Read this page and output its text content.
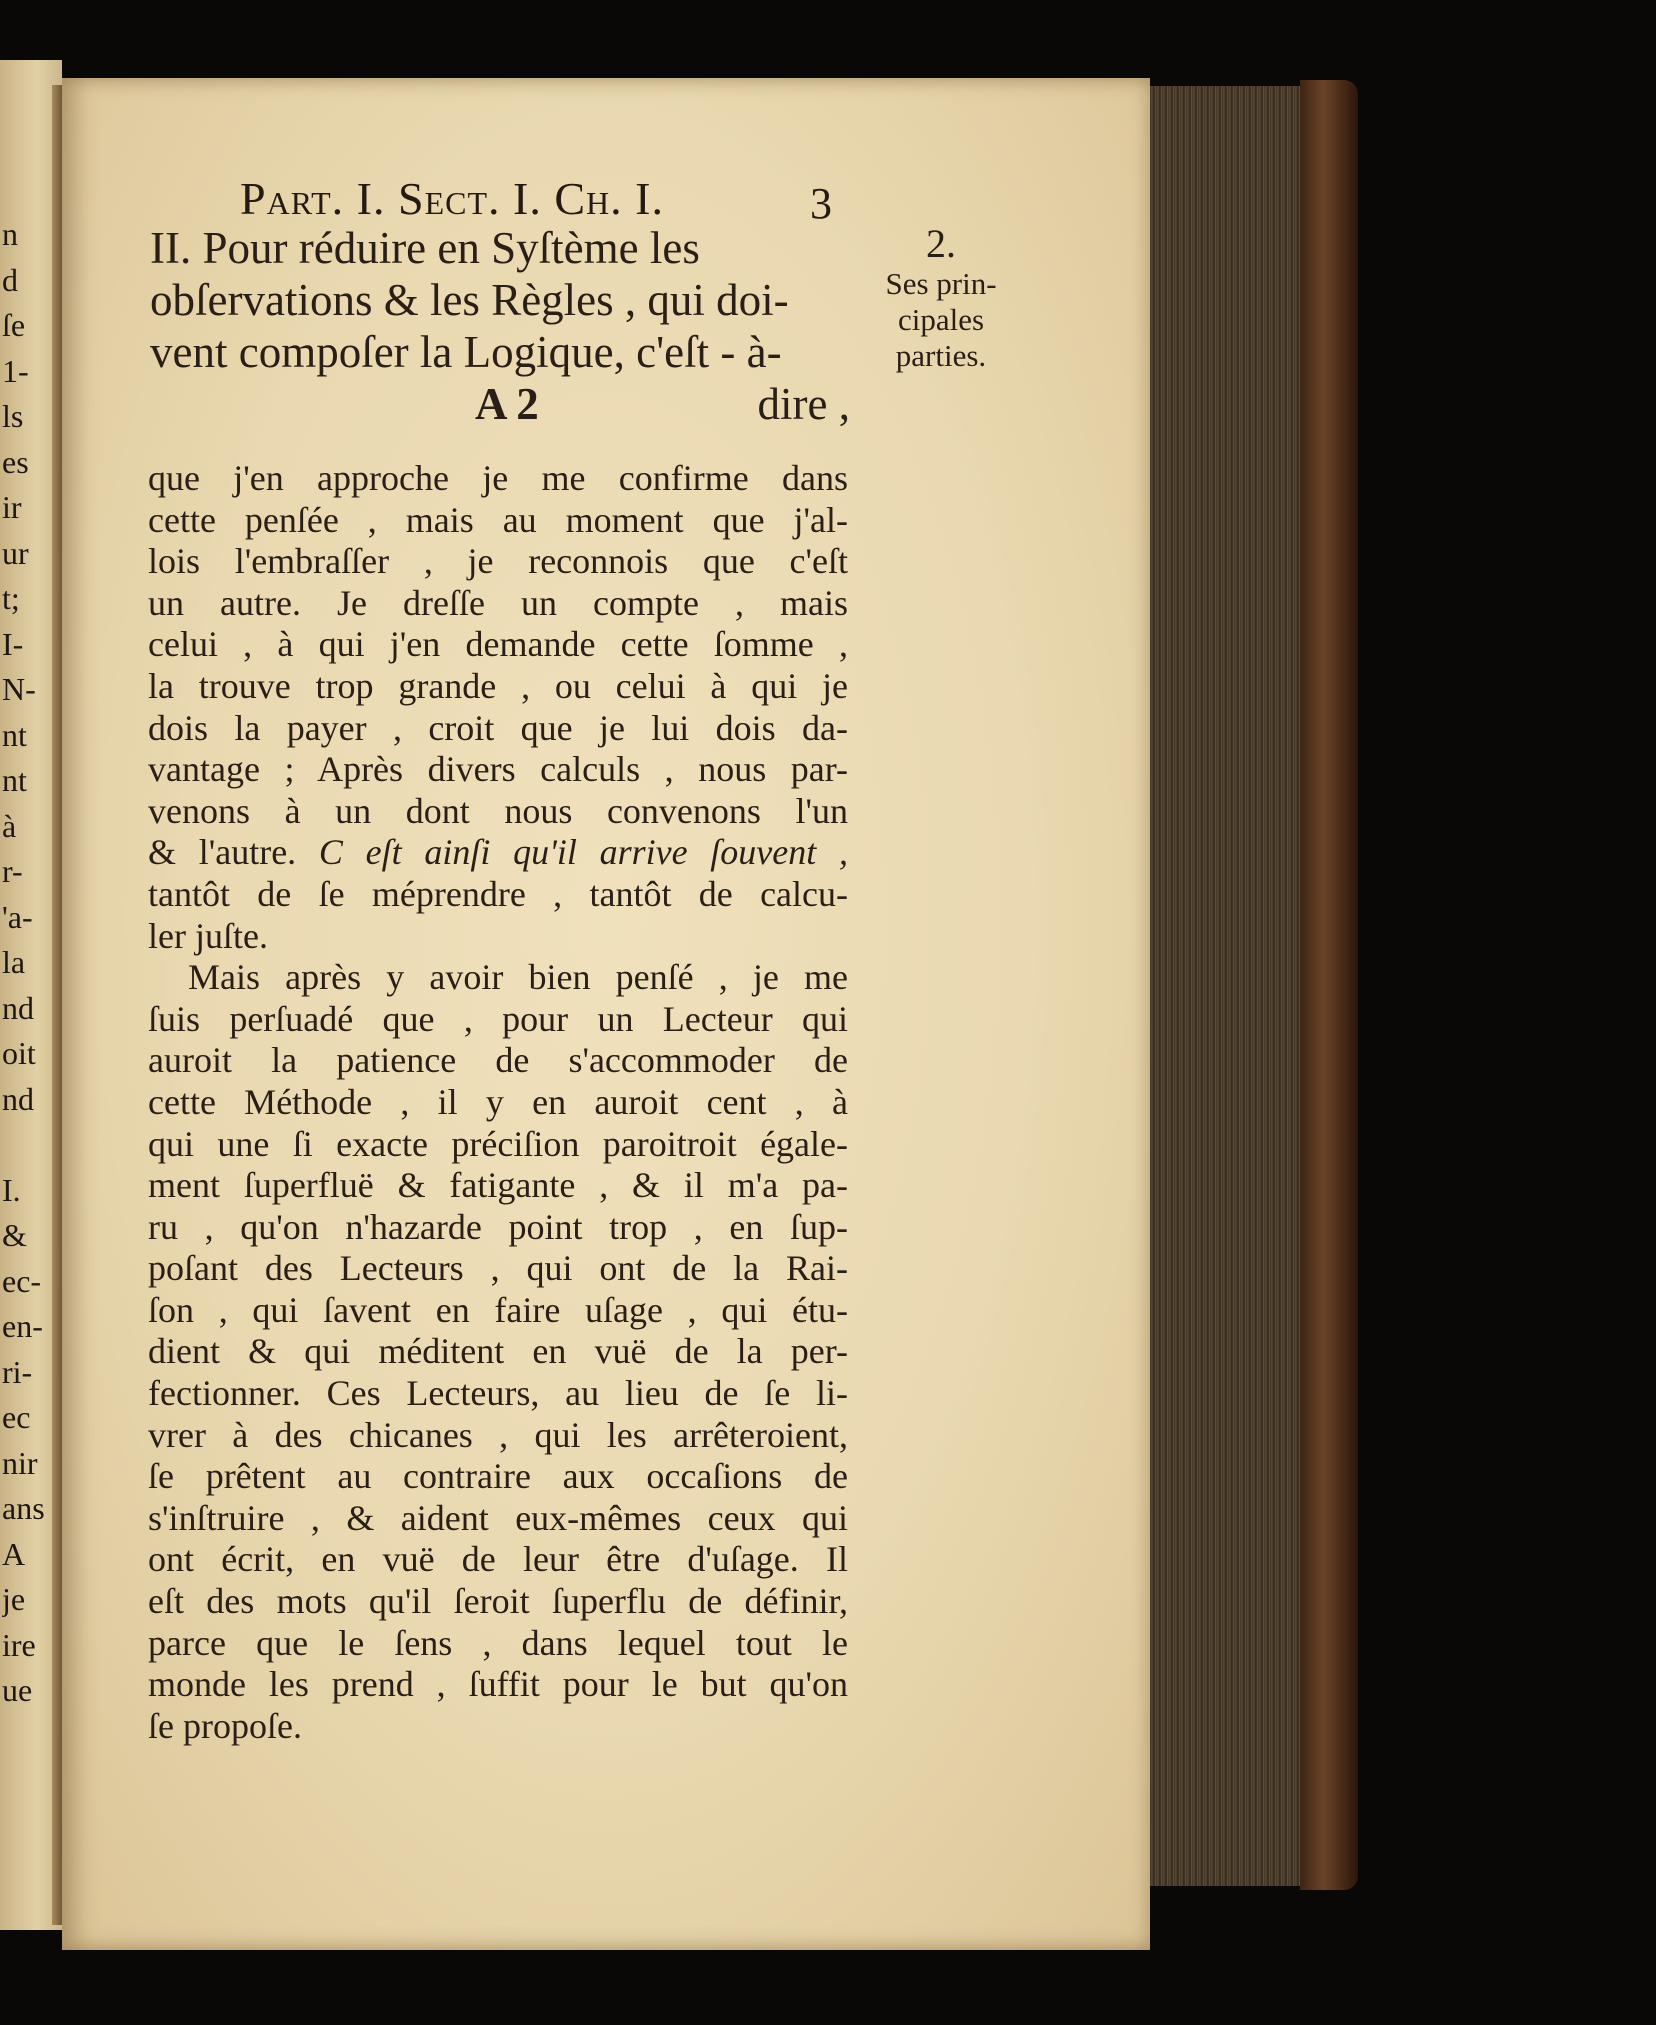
n
d
ſe
1-
ls
es
ir
ur
t;
I-
N-
nt
nt
à
r-
'a-
la
nd
oit
nd
I.
&
ec-
en-
ri-
ec
nir
ans
A
je
ire
ue
Part. I. Sect. I. Ch. I.	3
II. Pour réduire en Syſtème les
obſervations & les Règles , qui doi-
vent compoſer la Logique, c'eſt - à-
A 2	dire ,
2.
Ses prin-
cipales
parties.
que j'en approche je me confirme dans
cette penſée , mais au moment que j'al-
lois l'embraſſer , je reconnois que c'eſt
un autre. Je dreſſe un compte , mais
celui , à qui j'en demande cette ſomme ,
la trouve trop grande , ou celui à qui je
dois la payer , croit que je lui dois da-
vantage ; Après divers calculs , nous par-
venons à un dont nous convenons l'un
& l'autre. C eſt ainſi qu'il arrive ſouvent ,
tantôt de ſe méprendre , tantôt de calcu-
ler juſte.
Mais après y avoir bien penſé , je me
ſuis perſuadé que , pour un Lecteur qui
auroit la patience de s'accommoder de
cette Méthode , il y en auroit cent , à
qui une ſi exacte préciſion paroitroit égale-
ment ſuperfluë & fatigante , & il m'a pa-
ru , qu'on n'hazarde point trop , en ſup-
poſant des Lecteurs , qui ont de la Rai-
ſon , qui ſavent en faire uſage , qui étu-
dient & qui méditent en vuë de la per-
fectionner. Ces Lecteurs, au lieu de ſe li-
vrer à des chicanes , qui les arrêteroient,
ſe prêtent au contraire aux occaſions de
s'inſtruire , & aident eux-mêmes ceux qui
ont écrit, en vuë de leur être d'uſage. Il
eſt des mots qu'il ſeroit ſuperflu de définir,
parce que le ſens , dans lequel tout le
monde les prend , ſuffit pour le but qu'on
ſe propoſe.
